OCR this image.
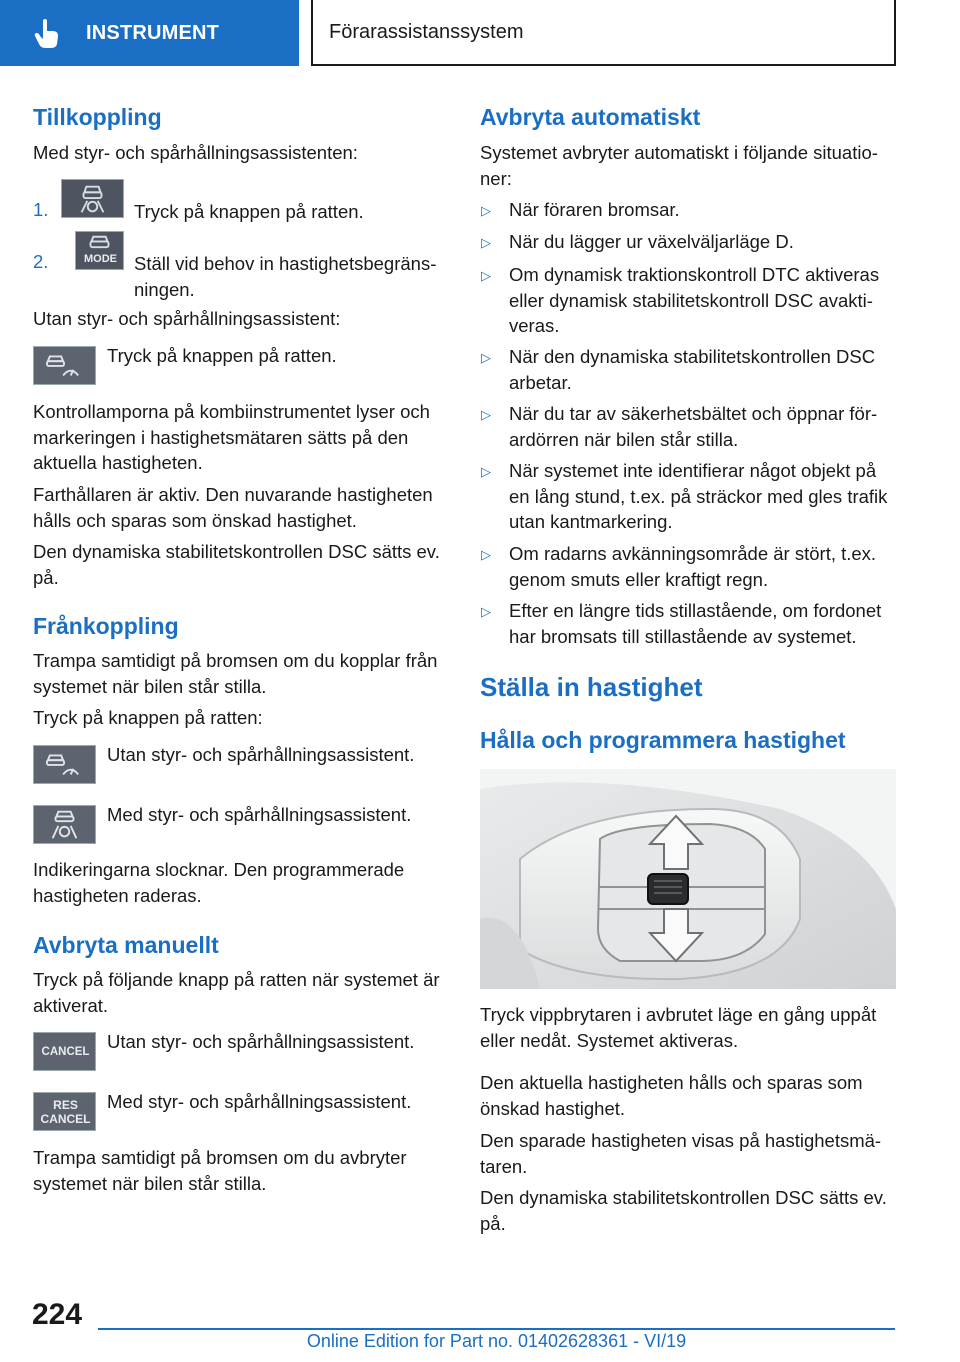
INSTRUMENT	Förarassistanssystem
Tillkoppling
Med styr- och spårhållningsassistenten:
1.	Tryck på knappen på ratten.
2.	MODE Ställ vid behov in hastighetsbegräns-ningen.
Utan styr- och spårhållningsassistent:
Tryck på knappen på ratten.
Kontrollamporna på kombiinstrumentet lyser och markeringen i hastighetsmätaren sätts på den aktuella hastigheten.
Farthållaren är aktiv. Den nuvarande hastigheten hålls och sparas som önskad hastighet.
Den dynamiska stabilitetskontrollen DSC sätts ev. på.
Frånkoppling
Trampa samtidigt på bromsen om du kopplar från systemet när bilen står stilla.
Tryck på knappen på ratten:
Utan styr- och spårhållningsassistent.
Med styr- och spårhållningsassistent.
Indikeringarna slocknar. Den programmerade hastigheten raderas.
Avbryta manuellt
Tryck på följande knapp på ratten när systemet är aktiverat.
CANCEL Utan styr- och spårhållningsassistent.
RES
CANCEL
Med styr- och spårhållningsassistent.
Trampa samtidigt på bromsen om du avbryter systemet när bilen står stilla.
Avbryta automatiskt
Systemet avbryter automatiskt i följande situatio-ner:
▷ När föraren bromsar.
▷ När du lägger ur växelväljarläge D.
▷ Om dynamisk traktionskontroll DTC aktiveras eller dynamisk stabilitetskontroll DSC avakti-veras.
▷ När den dynamiska stabilitetskontrollen DSC arbetar.
▷ När du tar av säkerhetsbältet och öppnar för-ardörren när bilen står stilla.
▷ När systemet inte identifierar något objekt på en lång stund, t.ex. på sträckor med gles trafik utan kantmarkering.
▷ Om radarns avkänningsområde är stört, t.ex. genom smuts eller kraftigt regn.
▷ Efter en längre tids stillastående, om fordonet har bromsats till stillastående av systemet.
Ställa in hastighet
Hålla och programmera hastighet
Tryck vippbrytaren i avbrutet läge en gång uppåt eller nedåt. Systemet aktiveras.
Den aktuella hastigheten hålls och sparas som önskad hastighet.
Den sparade hastigheten visas på hastighetsmä-taren.
Den dynamiska stabilitetskontrollen DSC sätts ev. på.
224
Online Edition for Part no. 01402628361 - VI/19
